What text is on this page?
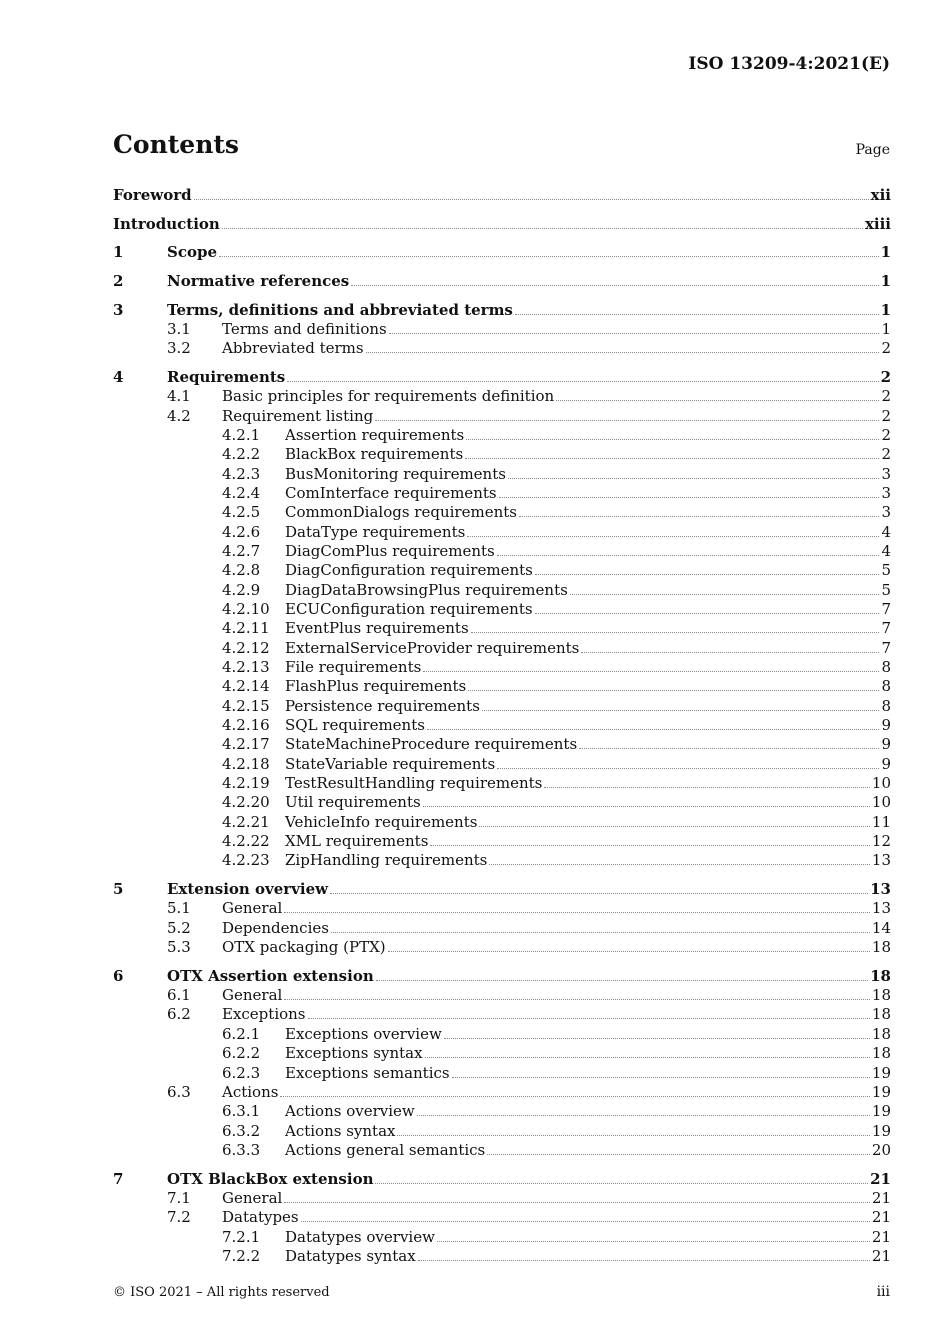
ISO 13209-4:2021(E)
Contents	Page
Foreword	xii
Introduction	xiii
1	Scope	1
2	Normative references	1
3	Terms, definitions and abbreviated terms	1
3.1 Terms and definitions	1
3.2 Abbreviated terms	2
4	Requirements	2
4.1 Basic principles for requirements definition	2
4.2 Requirement listing	2
4.2.1 Assertion requirements	2
4.2.2 BlackBox requirements	2
4.2.3 BusMonitoring requirements	3
4.2.4 ComInterface requirements	3
4.2.5 CommonDialogs requirements	3
4.2.6 DataType requirements	4
4.2.7 DiagComPlus requirements	4
4.2.8 DiagConfiguration requirements	5
4.2.9 DiagDataBrowsingPlus requirements	5
4.2.10 ECUConfiguration requirements	7
4.2.11 EventPlus requirements	7
4.2.12 ExternalServiceProvider requirements	7
4.2.13 File requirements	8
4.2.14 FlashPlus requirements	8
4.2.15 Persistence requirements	8
4.2.16 SQL requirements	9
4.2.17 StateMachineProcedure requirements	9
4.2.18 StateVariable requirements	9
4.2.19 TestResultHandling requirements	10
4.2.20 Util requirements	10
4.2.21 VehicleInfo requirements	11
4.2.22 XML requirements	12
4.2.23 ZipHandling requirements	13
5	Extension overview	13
5.1 General	13
5.2 Dependencies	14
5.3 OTX packaging (PTX)	18
6	OTX Assertion extension	18
6.1 General	18
6.2 Exceptions	18
6.2.1 Exceptions overview	18
6.2.2 Exceptions syntax	18
6.2.3 Exceptions semantics	19
6.3 Actions	19
6.3.1 Actions overview	19
6.3.2 Actions syntax	19
6.3.3 Actions general semantics	20
7	OTX BlackBox extension	21
7.1 General	21
7.2 Datatypes	21
7.2.1 Datatypes overview	21
7.2.2 Datatypes syntax	21
© ISO 2021 – All rights reserved	iii
